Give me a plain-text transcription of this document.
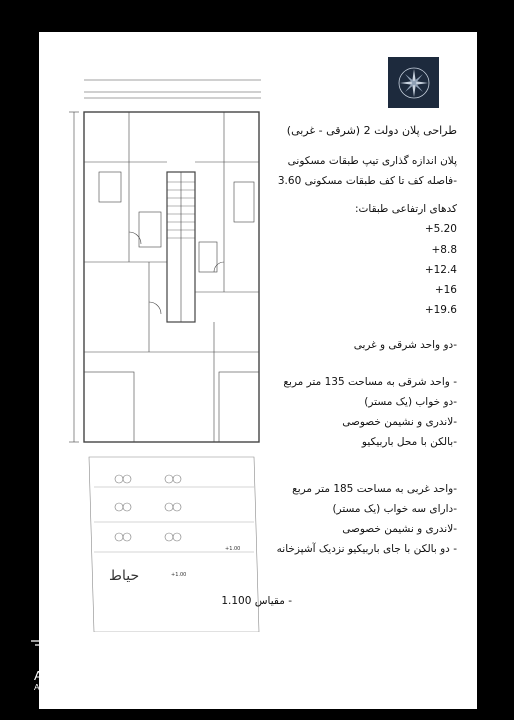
حیاط
+1.00
+1.00
طراحی پلان دولت 2 (شرقی - غربی)
پلان اندازه گذاری تیپ طبقات مسکونی
-فاصله کف تا کف طبقات مسکونی 3.60
کدهای ارتفاعی طبقات:
+5.20
+8.8
+12.4
+16
+19.6
-دو واحد شرقی و غربی
- واحد شرقی به مساحت 135 متر مربع
-دو خواب (یک مستر)
-لاندری و نشیمن خصوصی
-بالکن با محل باربیکیو
-واحد غربی به مساحت 185 متر مربع
-دارای سه خواب (یک مستر)
-لاندری و نشیمن خصوصی
- دو بالکن با جای باربیکیو نزدیک آشپزخانه
- مقیاس 1.100
ARHZTARH
ALL RIGHT RESERVED
